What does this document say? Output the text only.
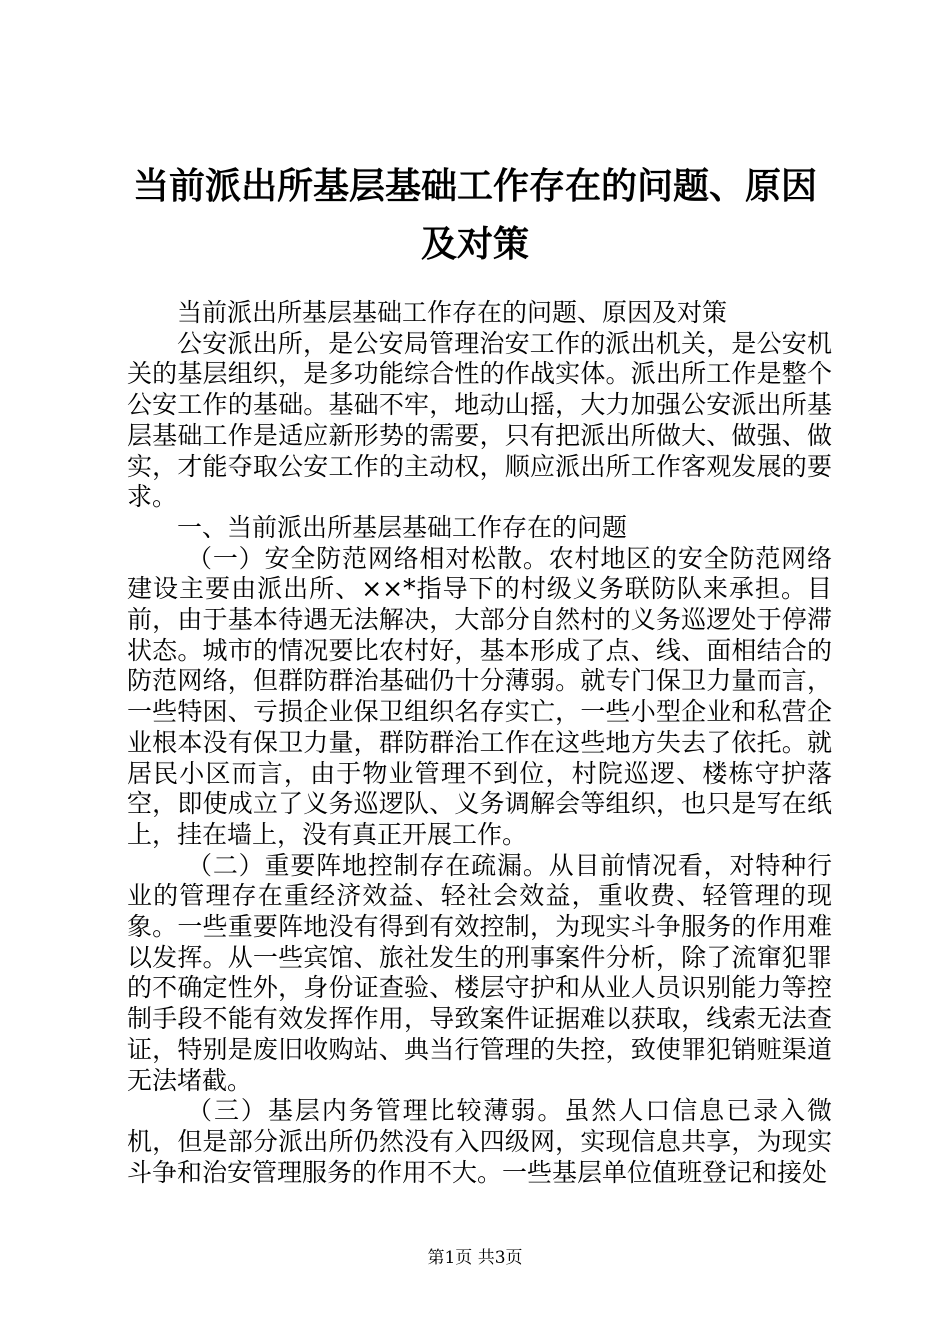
当前派出所基层基础工作存在的问题、原因及对策

当前派出所基层基础工作存在的问题、原因及对策

公安派出所，是公安局管理治安工作的派出机关，是公安机关的基层组织，是多功能综合性的作战实体。派出所工作是整个公安工作的基础。基础不牢，地动山摇，大力加强公安派出所基层基础工作是适应新形势的需要，只有把派出所做大、做强、做实，才能夺取公安工作的主动权，顺应派出所工作客观发展的要求。

一、当前派出所基层基础工作存在的问题

（一）安全防范网络相对松散。农村地区的安全防范网络建设主要由派出所、××*指导下的村级义务联防队来承担。目前，由于基本待遇无法解决，大部分自然村的义务巡逻处于停滞状态。城市的情况要比农村好，基本形成了点、线、面相结合的防范网络，但群防群治基础仍十分薄弱。就专门保卫力量而言，一些特困、亏损企业保卫组织名存实亡，一些小型企业和私营企业根本没有保卫力量，群防群治工作在这些地方失去了依托。就居民小区而言，由于物业管理不到位，村院巡逻、楼栋守护落空，即使成立了义务巡逻队、义务调解会等组织，也只是写在纸上，挂在墙上，没有真正开展工作。

（二）重要阵地控制存在疏漏。从目前情况看，对特种行业的管理存在重经济效益、轻社会效益，重收费、轻管理的现象。一些重要阵地没有得到有效控制，为现实斗争服务的作用难以发挥。从一些宾馆、旅社发生的刑事案件分析，除了流窜犯罪的不确定性外，身份证查验、楼层守护和从业人员识别能力等控制手段不能有效发挥作用，导致案件证据难以获取，线索无法查证，特别是废旧收购站、典当行管理的失控，致使罪犯销赃渠道无法堵截。

（三）基层内务管理比较薄弱。虽然人口信息已录入微机，但是部分派出所仍然没有入四级网，实现信息共享，为现实斗争和治安管理服务的作用不大。一些基层单位值班登记和接处

第1页 共3页
